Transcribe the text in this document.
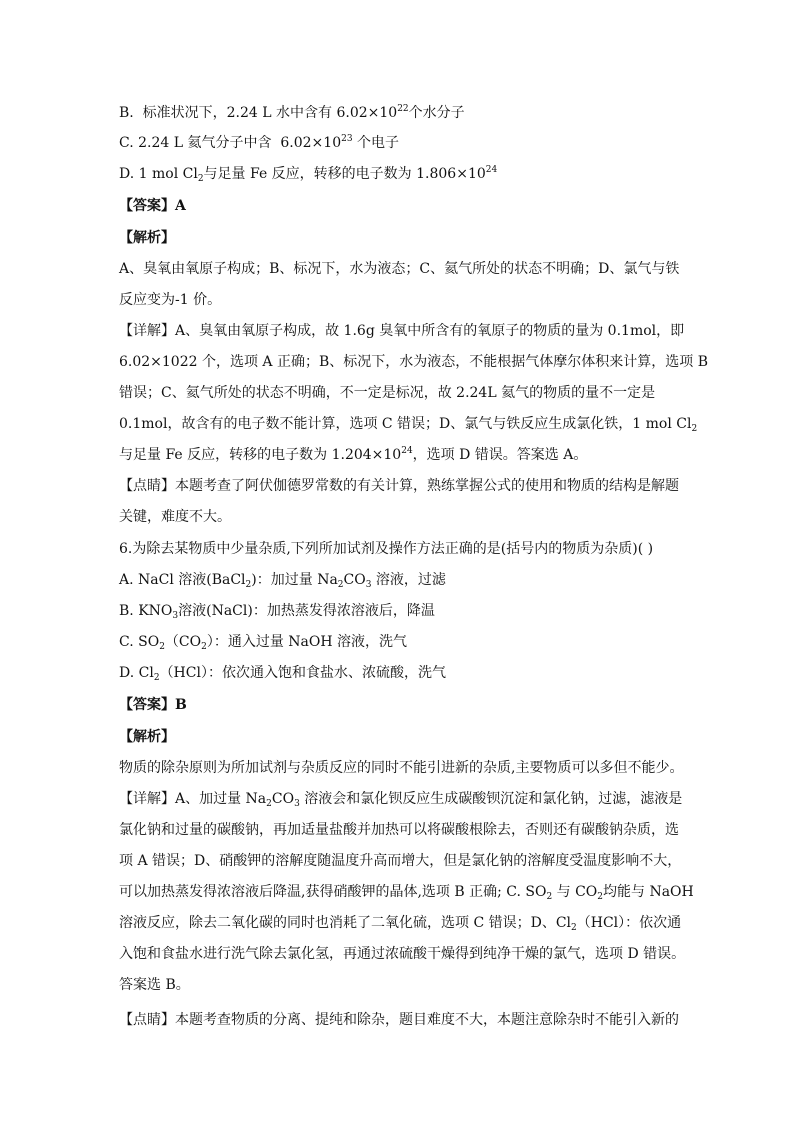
B.  标准状况下，2.24 L 水中含有 $6.02\times 10^{22}$个水分子
C. 2.24 L 氦气分子中含  $6.02\times 10^{23}$ 个电子
D. 1 mol $Cl_2$与足量 Fe 反应，转移的电子数为 $1.806\times 10^{24}$
【答案】A
【解析】
A、臭氧由氧原子构成；B、标况下，水为液态；C、氦气所处的状态不明确；D、氯气与铁
反应变为-1 价。
【详解】A、臭氧由氧原子构成，故 1.6g 臭氧中所含有的氧原子的物质的量为 0.1mol，即
6.02×1022 个，选项 A 正确；B、标况下，水为液态，不能根据气体摩尔体积来计算，选项 B
错误；C、氦气所处的状态不明确，不一定是标况，故 2.24L 氦气的物质的量不一定是
0.1mol，故含有的电子数不能计算，选项 C 错误；D、氯气与铁反应生成氯化铁，1 mol $Cl_2$
与足量 Fe 反应，转移的电子数为 $1.204\times 10^{24}$，选项 D 错误。答案选 A。
【点睛】本题考查了阿伏伽德罗常数的有关计算，熟练掌握公式的使用和物质的结构是解题
关键，难度不大。
6.为除去某物质中少量杂质,下列所加试剂及操作方法正确的是(括号内的物质为杂质)( )
A. NaCl 溶液(BaCl$_2$)：加过量 $Na_2CO_3$ 溶液，过滤
B. $KNO_3$溶液(NaCl)：加热蒸发得浓溶液后，降温
C. $SO_2(CO_2)$：通入过量 NaOH 溶液，洗气
D. $Cl_2(HCl)$：依次通入饱和食盐水、浓硫酸，洗气
【答案】B
【解析】
物质的除杂原则为所加试剂与杂质反应的同时不能引进新的杂质,主要物质可以多但不能少。
【详解】A、加过量 $Na_2CO_3$ 溶液会和氯化钡反应生成碳酸钡沉淀和氯化钠，过滤，滤液是
氯化钠和过量的碳酸钠，再加适量盐酸并加热可以将碳酸根除去，否则还有碳酸钠杂质，选
项 A 错误；D、硝酸钾的溶解度随温度升高而增大，但是氯化钠的溶解度受温度影响不大，
可以加热蒸发得浓溶液后降温,获得硝酸钾的晶体,选项 B 正确; C. $SO_2$ 与 $CO_2$均能与 NaOH
溶液反应，除去二氧化碳的同时也消耗了二氧化硫，选项 C 错误；D、$Cl_2(HCl)$：依次通
入饱和食盐水进行洗气除去氯化氢，再通过浓硫酸干燥得到纯净干燥的氯气，选项 D 错误。
答案选 B。
【点睛】本题考查物质的分离、提纯和除杂，题目难度不大，本题注意除杂时不能引入新的
